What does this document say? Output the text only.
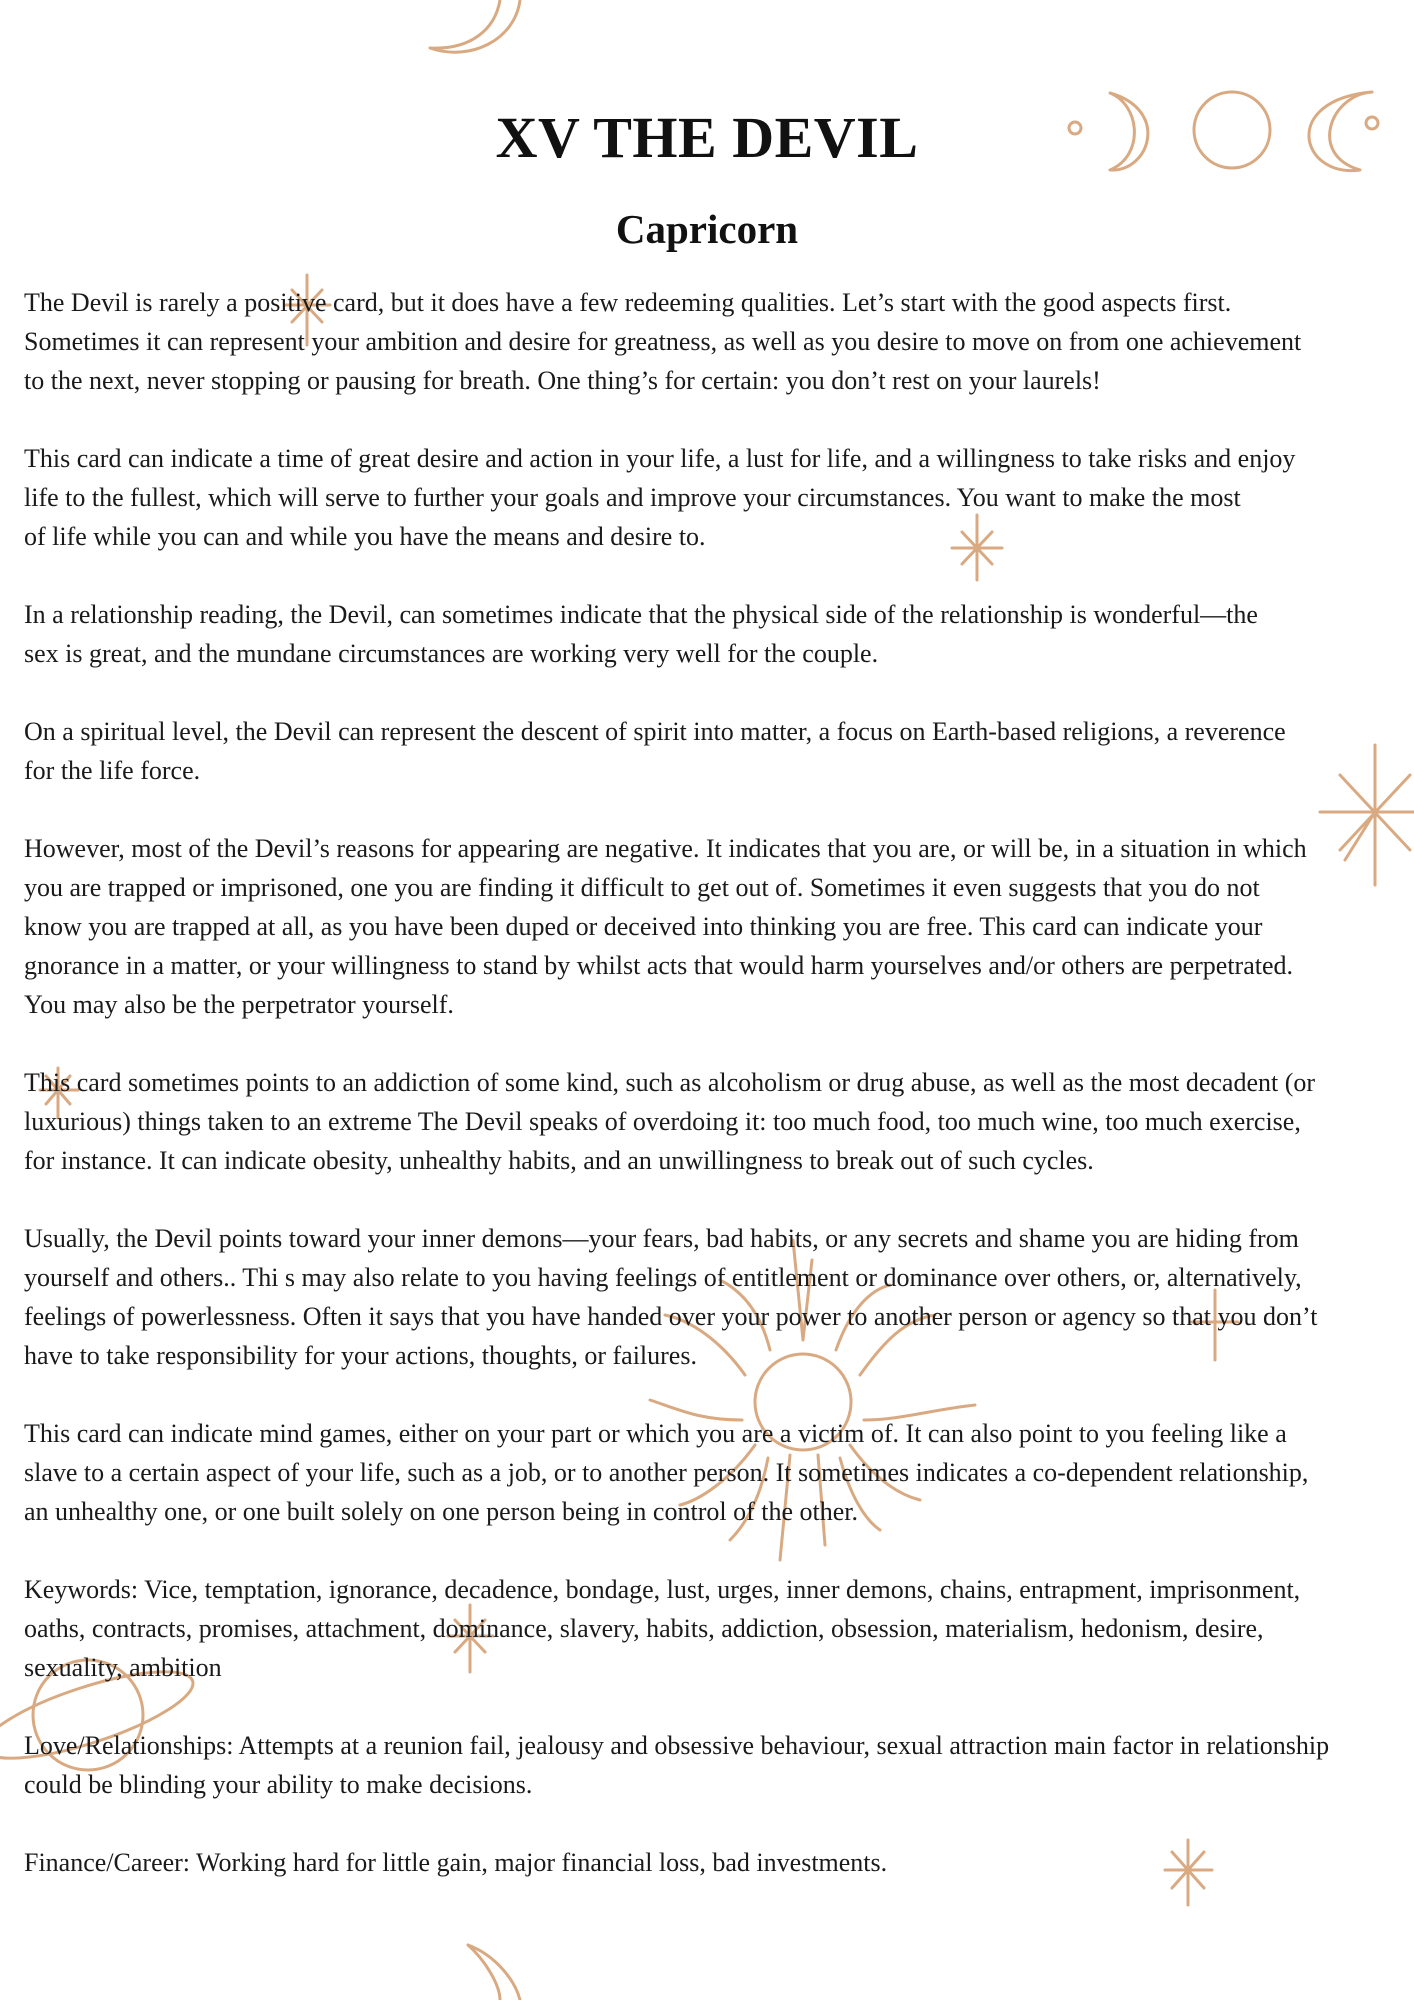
XV THE DEVIL
Capricorn

The Devil is rarely a positive card, but it does have a few redeeming qualities. Let’s start with the good aspects first.
Sometimes it can represent your ambition and desire for greatness, as well as you desire to move on from one achievement
to the next, never stopping or pausing for breath. One thing’s for certain: you don’t rest on your laurels!

This card can indicate a time of great desire and action in your life, a lust for life, and a willingness to take risks and enjoy
life to the fullest, which will serve to further your goals and improve your circumstances. You want to make the most
of life while you can and while you have the means and desire to.

In a relationship reading, the Devil, can sometimes indicate that the physical side of the relationship is wonderful—the
sex is great, and the mundane circumstances are working very well for the couple.

On a spiritual level, the Devil can represent the descent of spirit into matter, a focus on Earth-based religions, a reverence
for the life force.

However, most of the Devil’s reasons for appearing are negative. It indicates that you are, or will be, in a situation in which
you are trapped or imprisoned, one you are finding it difficult to get out of. Sometimes it even suggests that you do not
know you are trapped at all, as you have been duped or deceived into thinking you are free. This card can indicate your
gnorance in a matter, or your willingness to stand by whilst acts that would harm yourselves and/or others are perpetrated.
You may also be the perpetrator yourself.

This card sometimes points to an addiction of some kind, such as alcoholism or drug abuse, as well as the most decadent (or
luxurious) things taken to an extreme The Devil speaks of overdoing it: too much food, too much wine, too much exercise,
for instance. It can indicate obesity, unhealthy habits, and an unwillingness to break out of such cycles.

Usually, the Devil points toward your inner demons—your fears, bad habits, or any secrets and shame you are hiding from
yourself and others.. Thi s may also relate to you having feelings of entitlement or dominance over others, or, alternatively,
feelings of powerlessness. Often it says that you have handed over your power to another person or agency so that you don’t
have to take responsibility for your actions, thoughts, or failures.

This card can indicate mind games, either on your part or which you are a victim of. It can also point to you feeling like a
slave to a certain aspect of your life, such as a job, or to another person. It sometimes indicates a co-dependent relationship,
an unhealthy one, or one built solely on one person being in control of the other.

Keywords: Vice, temptation, ignorance, decadence, bondage, lust, urges, inner demons, chains, entrapment, imprisonment,
oaths, contracts, promises, attachment, dominance, slavery, habits, addiction, obsession, materialism, hedonism, desire,
sexuality, ambition

Love/Relationships: Attempts at a reunion fail, jealousy and obsessive behaviour, sexual attraction main factor in relationship
could be blinding your ability to make decisions.

Finance/Career: Working hard for little gain, major financial loss, bad investments.
